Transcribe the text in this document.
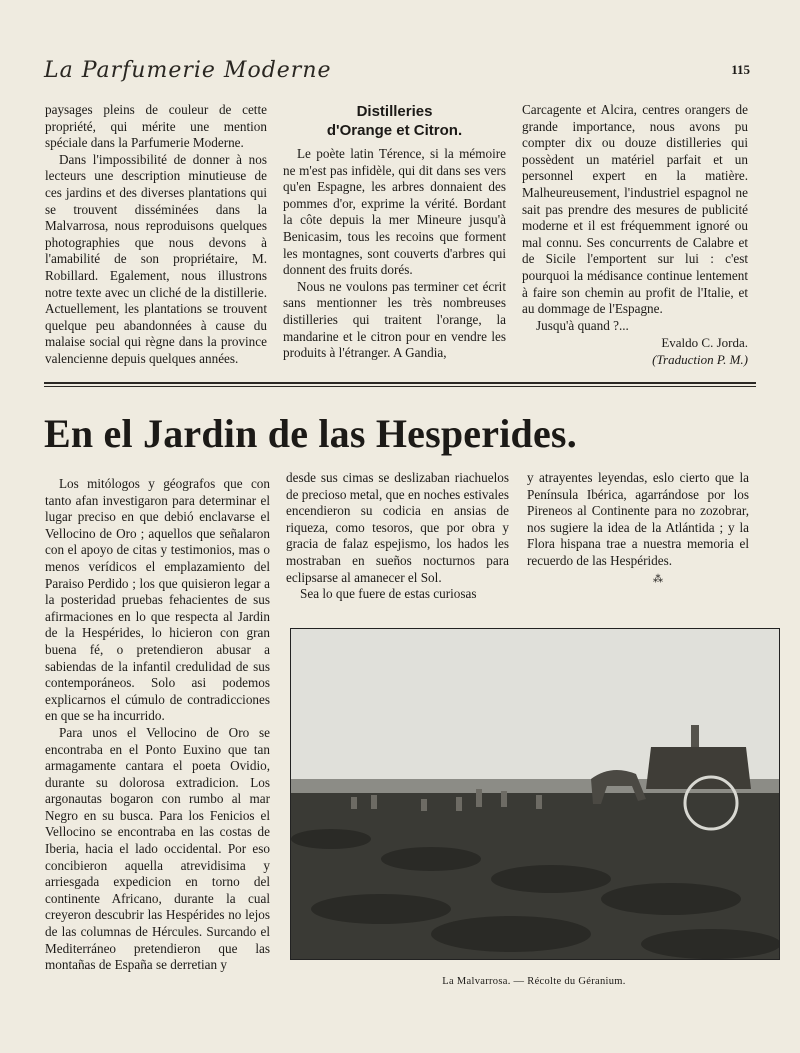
La Parfumerie Moderne	115

paysages pleins de couleur de cette propriété, qui mérite une mention spéciale dans la Parfumerie Moderne.

Dans l'impossibilité de donner à nos lecteurs une description minutieuse de ces jardins et des diverses plantations qui se trouvent disséminées dans la Malvarrosa, nous reproduisons quelques photographies que nous devons à l'amabilité de son propriétaire, M. Robillard. Egalement, nous illustrons notre texte avec un cliché de la distillerie. Actuellement, les plantations se trouvent quelque peu abandonnées à cause du malaise social qui règne dans la province valencienne depuis quelques années.

Distilleries
d'Orange et Citron.

Le poète latin Térence, si la mémoire ne m'est pas infidèle, qui dit dans ses vers qu'en Espagne, les arbres donnaient des pommes d'or, exprime la vérité. Bordant la côte depuis la mer Mineure jusqu'à Benicasim, tous les recoins que forment les montagnes, sont couverts d'arbres qui donnent des fruits dorés.

Nous ne voulons pas terminer cet écrit sans mentionner les très nombreuses distilleries qui traitent l'orange, la mandarine et le citron pour en vendre les produits à l'étranger. A Gandia,

Carcagente et Alcira, centres orangers de grande importance, nous avons pu compter dix ou douze distilleries qui possèdent un matériel parfait et un personnel expert en la matière. Malheureusement, l'industriel espagnol ne sait pas prendre des mesures de publicité moderne et il est fréquemment ignoré ou mal connu. Ses concurrents de Calabre et de Sicile l'emportent sur lui : c'est pourquoi la médisance continue lentement à faire son chemin au profit de l'Italie, et au dommage de l'Espagne.

Jusqu'à quand ?...

Evaldo C. Jorda.
(Traduction P. M.)
En el Jardin de las Hesperides.

Los mitólogos y géografos que con tanto afan investigaron para determinar el lugar preciso en que debió enclavarse el Vellocino de Oro ; aquellos que señalaron con el apoyo de citas y testimonios, mas o menos verídicos el emplazamiento del Paraiso Perdido ; los que quisieron legar a la posteridad pruebas fehacientes de sus afirmaciones en lo que respecta al Jardin de la Hespérides, lo hicieron con gran buena fé, o pretendieron abusar a sabiendas de la infantil credulidad de sus contemporáneos. Solo asi podemos explicarnos el cúmulo de contradicciones en que se ha incurrido.

Para unos el Vellocino de Oro se encontraba en el Ponto Euxino que tan armagamente cantara el poeta Ovidio, durante su dolorosa extradicion. Los argonautas bogaron con rumbo al mar Negro en su busca. Para los Fenicios el Vellocino se encontraba en las costas de Iberia, hacia el lado occidental. Por eso concibieron aquella atrevidisima y arriesgada expedicion en torno del continente Africano, durante la cual creyeron descubrir las Hespérides no lejos de las columnas de Hércules. Surcando el Mediterráneo pretendieron que las montañas de España se derretian y

desde sus cimas se deslizaban riachuelos de precioso metal, que en noches estivales encendieron su codicia en ansias de riqueza, como tesoros, que por obra y gracia de falaz espejismo, los hados les mostraban en sueños nocturnos para eclipsarse al amanecer el Sol.

Sea lo que fuere de estas curiosas

y atrayentes leyendas, eslo cierto que la Península Ibérica, agarrándose por los Pireneos al Continente para no zozobrar, nos sugiere la idea de la Atlántida ; y la Flora hispana trae a nuestra memoria el recuerdo de las Hespérides.

⁂
La Malvarrosa. — Récolte du Géranium.
